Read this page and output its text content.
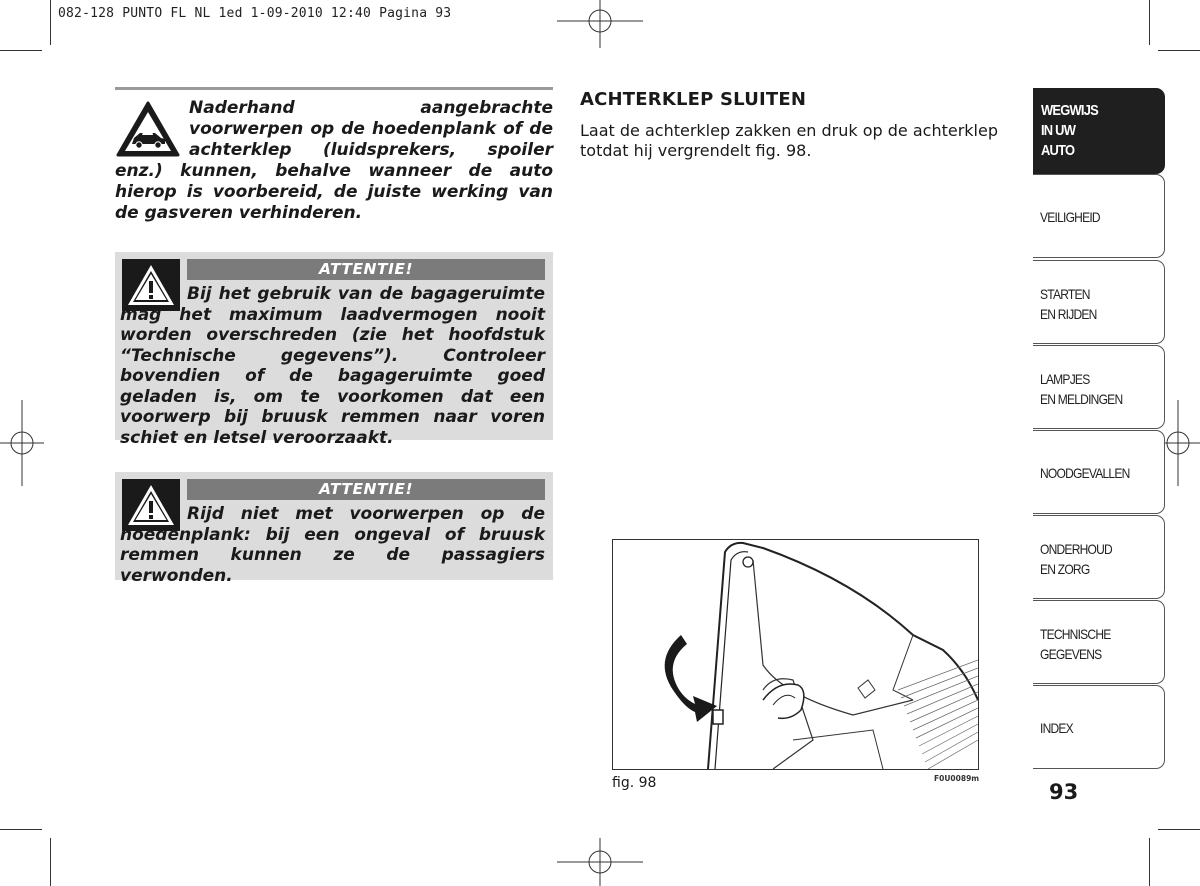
082-128 PUNTO FL NL 1ed 1-09-2010 12:40 Pagina 93
Naderhand aangebrachte voorwerpen op de hoedenplank of de achterklep (luidsprekers, spoiler enz.) kunnen, behalve wanneer de auto hierop is voorbereid, de juiste werking van de gasveren verhinderen.
ATTENTIE!
Bij het gebruik van de bagageruimte mag het maximum laadvermogen nooit worden overschreden (zie het hoofdstuk “Technische gegevens”). Controleer bovendien of de bagageruimte goed geladen is, om te voorkomen dat een voorwerp bij bruusk remmen naar voren schiet en letsel veroorzaakt.
ATTENTIE!
Rijd niet met voorwerpen op de hoedenplank: bij een ongeval of bruusk remmen kunnen ze de passagiers verwonden.
ACHTERKLEP SLUITEN
Laat de achterklep zakken en druk op de achterklep totdat hij vergrendelt fig. 98.
fig. 98	F0U0089m
WEGWIJS
IN UW
AUTO
VEILIGHEID
STARTEN
EN RIJDEN
LAMPJES
EN MELDINGEN
NOODGEVALLEN
ONDERHOUD
EN ZORG
TECHNISCHE
GEGEVENS
INDEX
93
